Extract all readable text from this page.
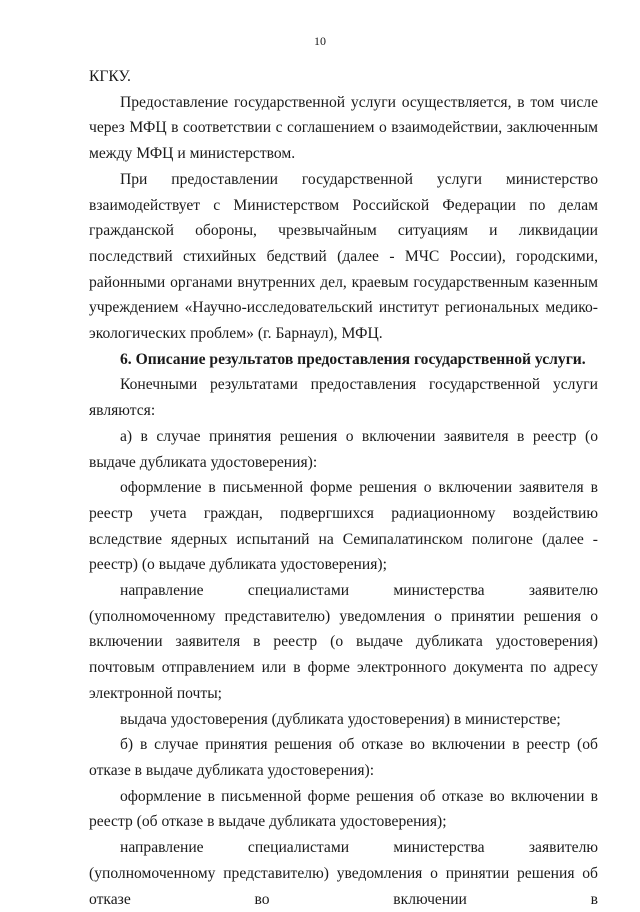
10

КГКУ.

Предоставление государственной услуги осуществляется, в том числе через МФЦ в соответствии с соглашением о взаимодействии, заключенным между МФЦ и министерством.

При предоставлении государственной услуги министерство взаимодействует с Министерством Российской Федерации по делам гражданской обороны, чрезвычайным ситуациям и ликвидации последствий стихийных бедствий (далее - МЧС России), городскими, районными органами внутренних дел, краевым государственным казенным учреждением «Научно-исследовательский институт региональных медико-экологических проблем» (г. Барнаул), МФЦ.

6. Описание результатов предоставления государственной услуги.

Конечными результатами предоставления государственной услуги являются:

а) в случае принятия решения о включении заявителя в реестр (о выдаче дубликата удостоверения):

оформление в письменной форме решения о включении заявителя в реестр учета граждан, подвергшихся радиационному воздействию вследствие ядерных испытаний на Семипалатинском полигоне (далее - реестр) (о выдаче дубликата удостоверения);

направление специалистами министерства заявителю (уполномоченному представителю) уведомления о принятии решения о включении заявителя в реестр (о выдаче дубликата удостоверения) почтовым отправлением или в форме электронного документа по адресу электронной почты;

выдача удостоверения (дубликата удостоверения) в министерстве;

б) в случае принятия решения об отказе во включении в реестр (об отказе в выдаче дубликата удостоверения):

оформление в письменной форме решения об отказе во включении в реестр (об отказе в выдаче дубликата удостоверения);

направление специалистами министерства заявителю (уполномоченному представителю) уведомления о принятии решения об отказе во включении в
